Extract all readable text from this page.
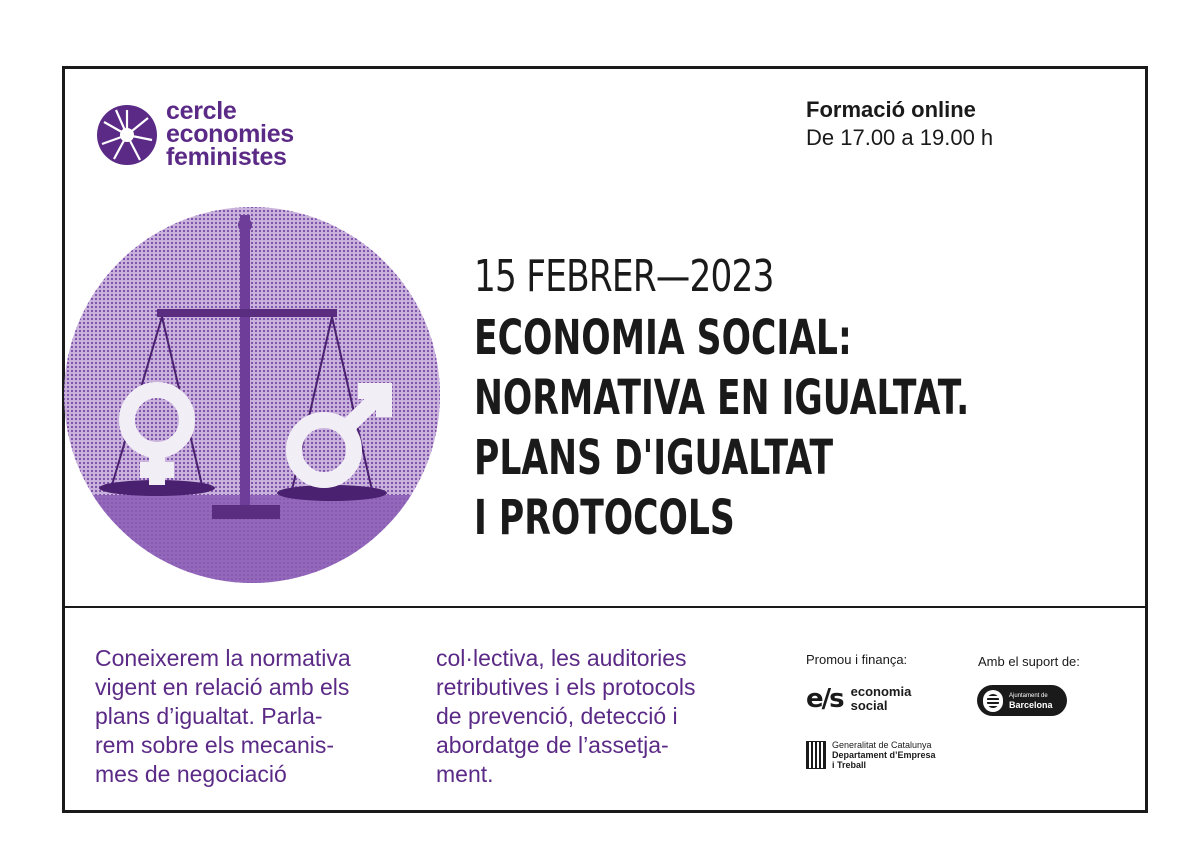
cercle
economies
feministes
Formació online
De 17.00 a 19.00 h
15 FEBRER—2023
ECONOMIA SOCIAL:
NORMATIVA EN IGUALTAT.
PLANS D'IGUALTAT
I PROTOCOLS
Coneixerem la normativa
vigent en relació amb els
plans d’igualtat. Parla-
rem sobre els mecanis-
mes de negociació
col·lectiva, les auditories
retributives i els protocols
de prevenció, detecció i
abordatge de l’assetja-
ment.
Promou i finança:	Amb el suport de:
e/s economia
social
Generalitat de Catalunya
Departament d’Empresa
i Treball
Ajuntament de
Barcelona
